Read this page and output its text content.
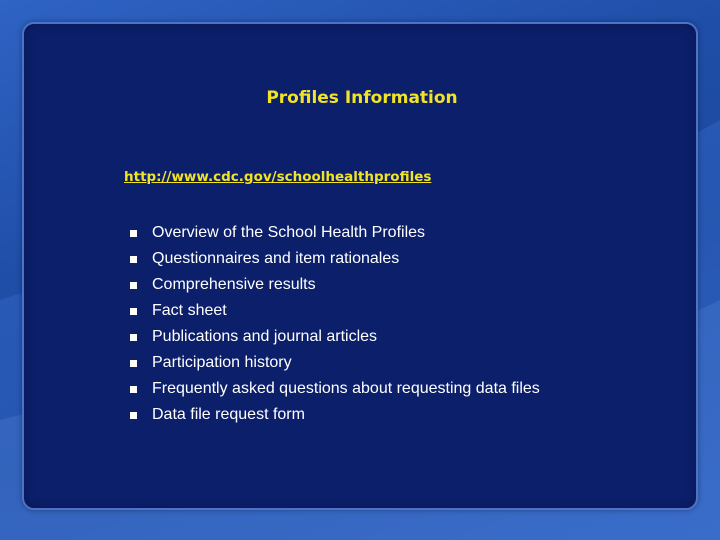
Profiles Information
http://www.cdc.gov/schoolhealthprofiles
Overview of the School Health Profiles
Questionnaires and item rationales
Comprehensive results
Fact sheet
Publications and journal articles
Participation history
Frequently asked questions about requesting data files
Data file request form
